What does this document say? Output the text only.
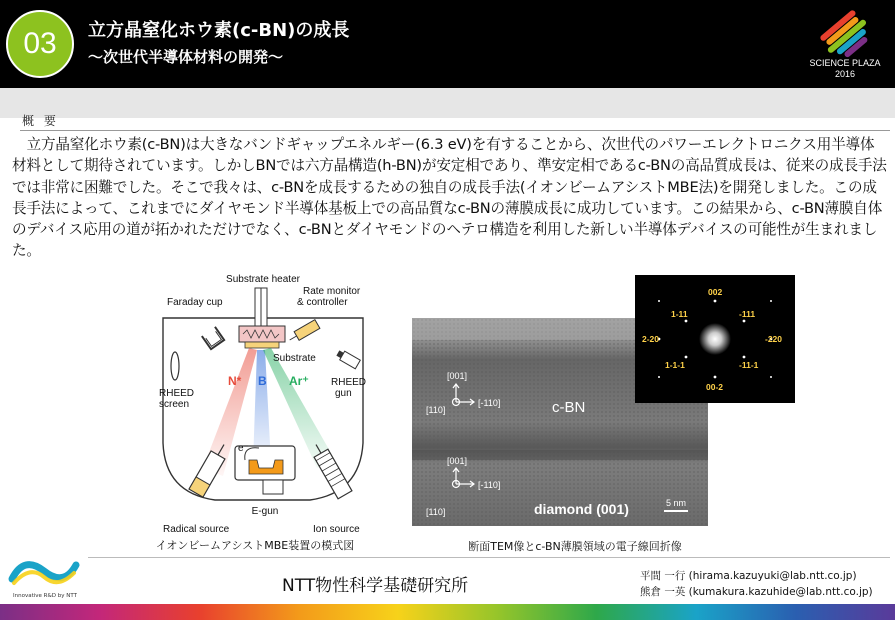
03	立方晶窒化ホウ素(c-BN)の成長
～次世代半導体材料の開発～	SCIENCE PLAZA
2016
概 要
立方晶窒化ホウ素(c-BN)は大きなバンドギャップエネルギー(6.3 eV)を有することから、次世代のパワーエレクトロニクス用半導体材料として期待されています。しかしBNでは六方晶構造(h-BN)が安定相であり、準安定相であるc-BNの高品質成長は、従来の成長手法では非常に困難でした。そこで我々は、c-BNを成長するための独自の成長手法(イオンビームアシストMBE法)を開発しました。この成長手法によって、これまでにダイヤモンド半導体基板上での高品質なc-BNの薄膜成長に成功しています。この結果から、c-BN薄膜自体のデバイス応用の道が拓かれただけでなく、c-BNとダイヤモンドのヘテロ構造を利用した新しい半導体デバイスの可能性が生まれました。
N* B Ar⁺
Substrate heater
Rate monitor
& controller
Faraday cup
Substrate
RHEED
screen
RHEED
gun
e⁻
E-gun
Radical source	Ion source
イオンビームアシストMBE装置の模式図
[001]
[110]
[-110]	c-BN
[001]
[110]
[-110]
diamond (001)	5 nm
002
1-11	-111
2-20	-220
1-1-1	-11-1
00-2
断面TEM像とc-BN薄膜領域の電子線回折像
Innovative R&D by NTT	NTT物性科学基礎研究所	平間 一行 (hirama.kazuyuki@lab.ntt.co.jp)
熊倉 一英 (kumakura.kazuhide@lab.ntt.co.jp)
